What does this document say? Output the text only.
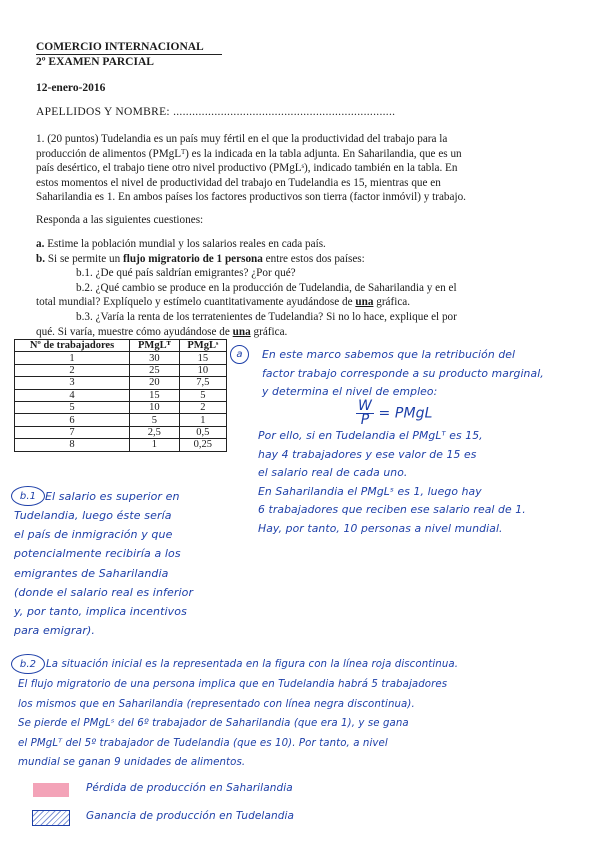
COMERCIO INTERNACIONAL
2º EXAMEN PARCIAL
12-enero-2016
APELLIDOS Y NOMBRE: ......................................................................
1. (20 puntos) Tudelandia es un país muy fértil en el que la productividad del trabajo para la
producción de alimentos (PMgLᵀ) es la indicada en la tabla adjunta. En Saharilandia, que es un
país desértico, el trabajo tiene otro nivel productivo (PMgLˢ), indicado también en la tabla. En
estos momentos el nivel de productividad del trabajo en Tudelandia es 15, mientras que en
Saharilandia es 1. En ambos países los factores productivos son tierra (factor inmóvil) y trabajo.
Responda a las siguientes cuestiones:
a. Estime la población mundial y los salarios reales en cada país.
b. Si se permite un flujo migratorio de 1 persona entre estos dos países:
b.1. ¿De qué país saldrían emigrantes? ¿Por qué?
b.2. ¿Qué cambio se produce en la producción de Tudelandia, de Saharilandia y en el
total mundial? Explíquelo y estímelo cuantitativamente ayudándose de una gráfica.
b.3. ¿Varía la renta de los terratenientes de Tudelandia? Si no lo hace, explique el por
qué. Si varía, muestre cómo ayudándose de una gráfica.
Nº de trabajadores	PMgLᵀ	PMgLˢ
1	30	15
2	25	10
3	20	7,5
4	15	5
5	10	2
6	5	1
7	2,5	0,5
8	1	0,25
a	En este marco sabemos que la retribución del
factor trabajo corresponde a su producto marginal,
y determina el nivel de empleo:
$\frac{W}{P}$ = PMgL
Por ello, si en Tudelandia el PMgLᵀ es 15,
hay 4 trabajadores y ese valor de 15 es
el salario real de cada uno.
En Saharilandia el PMgLˢ es 1, luego hay
6 trabajadores que reciben ese salario real de 1.
Hay, por tanto, 10 personas a nivel mundial.
b.1 El salario es superior en
Tudelandia, luego éste sería
el país de inmigración y que
potencialmente recibiría a los
emigrantes de Saharilandia
(donde el salario real es inferior
y, por tanto, implica incentivos
para emigrar).
b.2 La situación inicial es la representada en la figura con la línea roja discontinua.
El flujo migratorio de una persona implica que en Tudelandia habrá 5 trabajadores
los mismos que en Saharilandia (representado con línea negra discontinua).
Se pierde el PMgLˢ del 6º trabajador de Saharilandia (que era 1), y se gana
el PMgLᵀ del 5º trabajador de Tudelandia (que es 10). Por tanto, a nivel
mundial se ganan 9 unidades de alimentos.
Pérdida de producción en Saharilandia
Ganancia de producción en Tudelandia
